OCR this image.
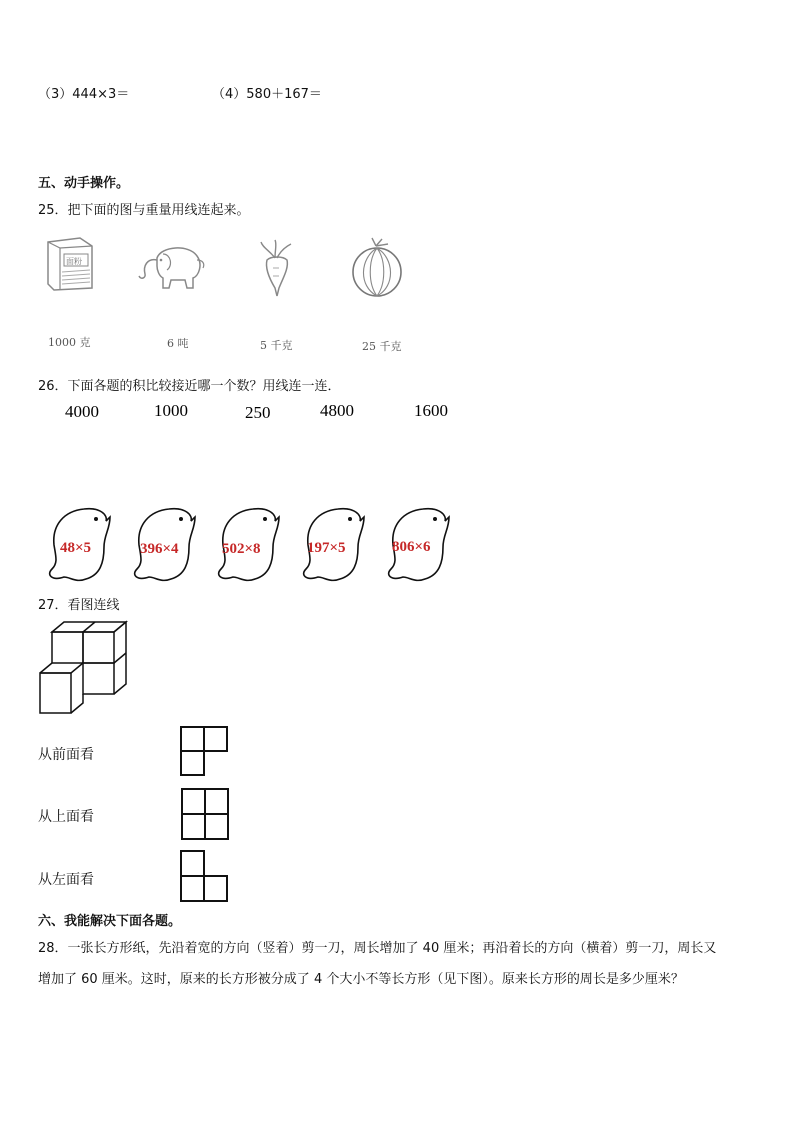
（3）444×3＝	（4）580＋167＝
五、动手操作。
25．把下面的图与重量用线连起来。
面粉
1000 克	6 吨	5 千克	25 千克
26．下面各题的积比较接近哪一个数？用线连一连．
4000	1000	250	4800	1600
48×5	396×4	502×8	197×5	806×6
27．看图连线
从前面看
从上面看
从左面看
六、我能解决下面各题。
28．一张长方形纸，先沿着宽的方向（竖着）剪一刀，周长增加了 40 厘米；再沿着长的方向（横着）剪一刀，周长又
增加了 60 厘米。这时，原来的长方形被分成了 4 个大小不等长方形（见下图）。原来长方形的周长是多少厘米？
